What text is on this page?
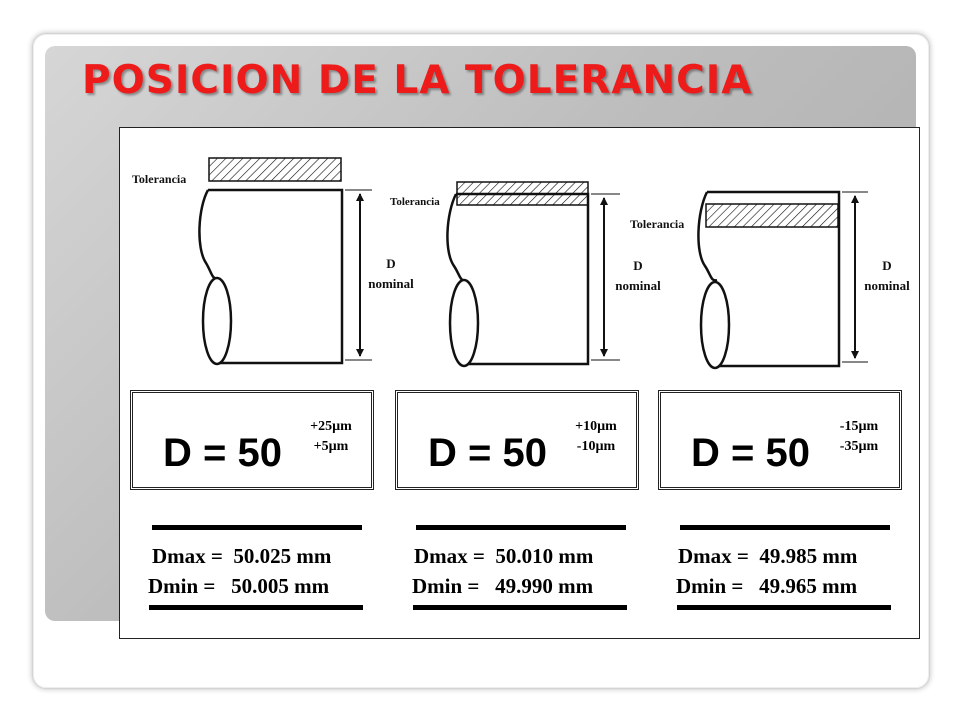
POSICION DE LA TOLERANCIA
Tolerancia
D
nominal
Tolerancia
D
nominal
Tolerancia
D
nominal
D = 50
+25µm
+5µm	D = 50
+10µm
-10µm D = 50
-15µm
-35µm
Dmax = 50.025 mm
Dmin = 50.005 mm
Dmax = 50.010 mm
Dmin = 49.990 mm
Dmax = 49.985 mm
Dmin = 49.965 mm
